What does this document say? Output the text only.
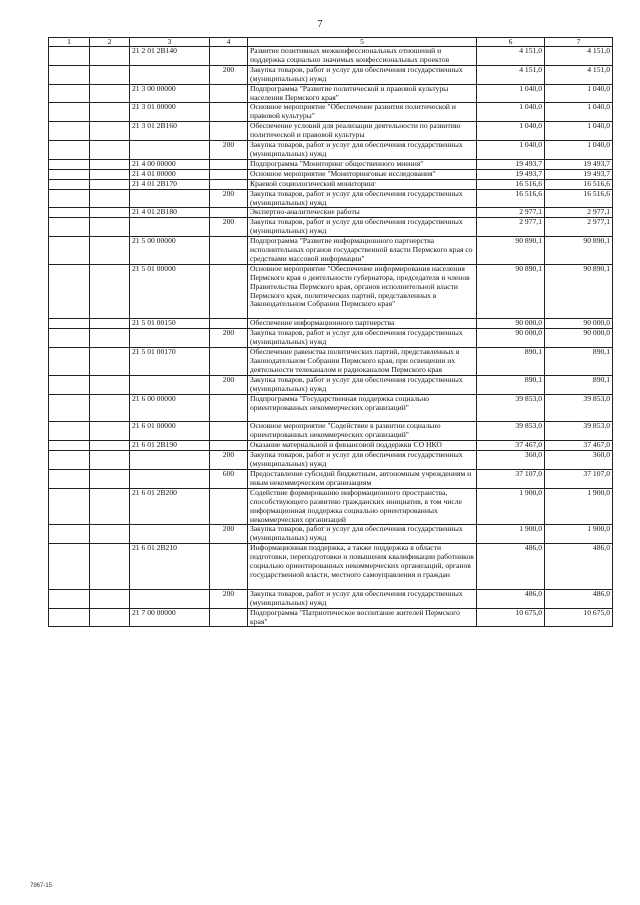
7
1	2	3	4	5	6	7
		21 2 01 2В140		Развитие позитивных межконфессиональных отношений и поддержка социально значимых конфессиональных проектов	4 151,0	4 151,0
			200	Закупка товаров, работ и услуг для обеспечения государственных (муниципальных) нужд	4 151,0	4 151,0
		21 3 00 00000		Подпрограмма "Развитие политической и правовой культуры населения Пермского края"	1 040,0	1 040,0
		21 3 01 00000		Основное мероприятие "Обеспечение развития политической и правовой культуры"	1 040,0	1 040,0
		21 3 01 2В160		Обеспечение условий для реализации деятельности по развитию политической и правовой культуры	1 040,0	1 040,0
			200	Закупка товаров, работ и услуг для обеспечения государственных (муниципальных) нужд	1 040,0	1 040,0
		21 4 00 00000		Подпрограмма "Мониторинг общественного мнения"	19 493,7	19 493,7
		21 4 01 00000		Основное мероприятие "Мониторинговые исследования"	19 493,7	19 493,7
		21 4 01 2В170		Краевой социологический мониторинг	16 516,6	16 516,6
			200	Закупка товаров, работ и услуг для обеспечения государственных (муниципальных) нужд	16 516,6	16 516,6
		21 4 01 2В180		Экспертно-аналитические работы	2 977,1	2 977,1
			200	Закупка товаров, работ и услуг для обеспечения государственных (муниципальных) нужд	2 977,1	2 977,1
		21 5 00 00000		Подпрограмма "Развитие информационного партнерства исполнительных органов государственной власти Пермского края со средствами массовой информации"	90 890,1	90 890,1
		21 5 01 00000		Основное мероприятие "Обеспечение информирования населения Пермского края о деятельности губернатора, председателя и членов Правительства Пермского края, органов исполнительной власти Пермского края, политических партий, представленных в Законодательном Собрании Пермского края"	90 890,1	90 890,1
		21 5 01 00150		Обеспечение информационного партнерства	90 000,0	90 000,0
			200	Закупка товаров, работ и услуг для обеспечения государственных (муниципальных) нужд	90 000,0	90 000,0
		21 5 01 00170		Обеспечение равенства политических партий, представленных в Законодательном Собрании Пермского края, при освещении их деятельности телеканалом и радиоканалом Пермского края	890,1	890,1
			200	Закупка товаров, работ и услуг для обеспечения государственных (муниципальных) нужд	890,1	890,1
		21 6 00 00000		Подпрограмма "Государственная поддержка социально ориентированных некоммерческих организаций"	39 853,0	39 853,0
		21 6 01 00000		Основное мероприятие "Содействие в развитии социально ориентированных некоммерческих организаций"	39 853,0	39 853,0
		21 6 01 2В190		Оказание материальной и финансовой поддержки СО НКО	37 467,0	37 467,0
			200	Закупка товаров, работ и услуг для обеспечения государственных (муниципальных) нужд	360,0	360,0
			600	Предоставление субсидий бюджетным, автономным учреждениям и иным некоммерческим организациям	37 107,0	37 107,0
		21 6 01 2В200		Содействие формированию информационного пространства, способствующего развитию гражданских инициатив, в том числе информационная поддержка социально ориентированных некоммерческих организаций	1 900,0	1 900,0
			200	Закупка товаров, работ и услуг для обеспечения государственных (муниципальных) нужд	1 900,0	1 900,0
		21 6 01 2В210		Информационная поддержка, а также поддержка в области подготовки, переподготовки и повышения квалификации работников социально ориентированных некоммерческих организаций, органов государственной власти, местного самоуправления и граждан	486,0	486,0
			200	Закупка товаров, работ и услуг для обеспечения государственных (муниципальных) нужд	486,0	486,0
		21 7 00 00000		Подпрограмма "Патриотическое воспитание жителей Пермского края"	10 675,0	10 675,0
7967-15
